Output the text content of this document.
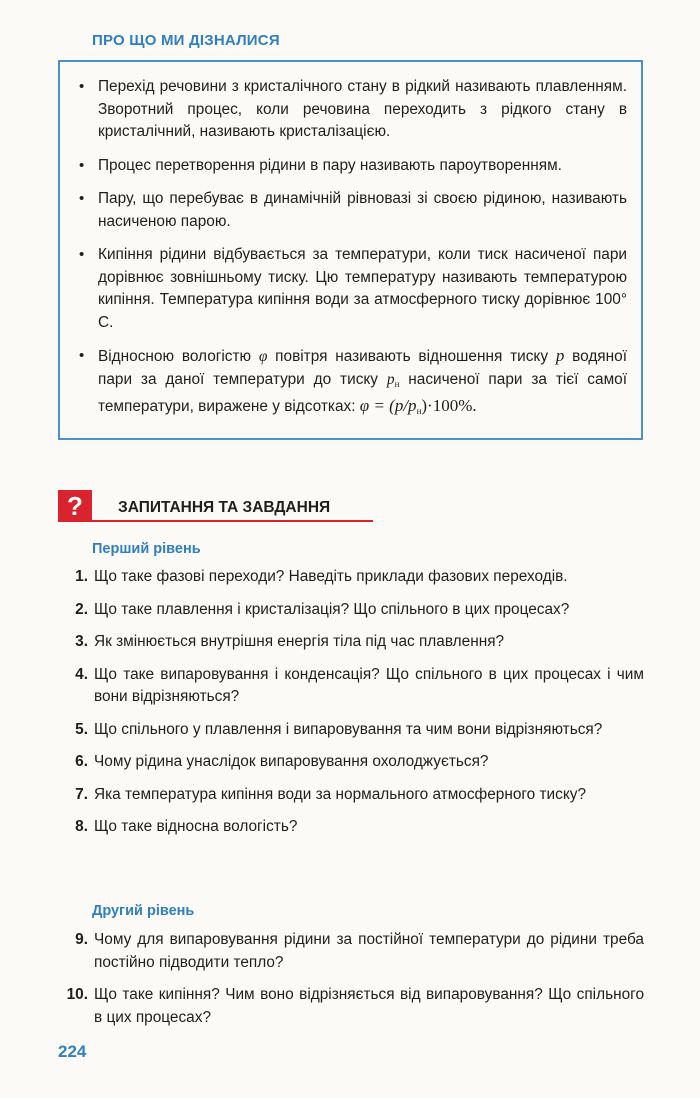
ПРО ЩО МИ ДІЗНАЛИСЯ
• Перехід речовини з кристалічного стану в рідкий називають плавленням. Зворотний процес, коли речовина переходить з рідкого стану в кристалічний, називають кристалізацією.
• Процес перетворення рідини в пару називають пароутворенням.
• Пару, що перебуває в динамічній рівновазі зі своєю рідиною, називають насиченою парою.
• Кипіння рідини відбувається за температури, коли тиск насиченої пари дорівнює зовнішньому тиску. Цю температуру називають температурою кипіння. Температура кипіння води за атмосферного тиску дорівнює 100° С.
• Відносною вологістю φ повітря називають відношення тиску p водяної пари за даної температури до тиску $p_н$ насиченої пари за тієї самої температури, виражене у відсотках: $\varphi = (p/p_н)\cdot 100\%$.
?	ЗАПИТАННЯ ТА ЗАВДАННЯ
Перший рівень
1. Що таке фазові переходи? Наведіть приклади фазових переходів.
2. Що таке плавлення і кристалізація? Що спільного в цих процесах?
3. Як змінюється внутрішня енергія тіла під час плавлення?
4. Що таке випаровування і конденсація? Що спільного в цих процесах і чим вони відрізняються?
5. Що спільного у плавлення і випаровування та чим вони відрізняються?
6. Чому рідина унаслідок випаровування охолоджується?
7. Яка температура кипіння води за нормального атмосферного тиску?
8. Що таке відносна вологість?
Другий рівень
9. Чому для випаровування рідини за постійної температури до рідини треба постійно підводити тепло?
10. Що таке кипіння? Чим воно відрізняється від випаровування? Що спільного в цих процесах?
224
